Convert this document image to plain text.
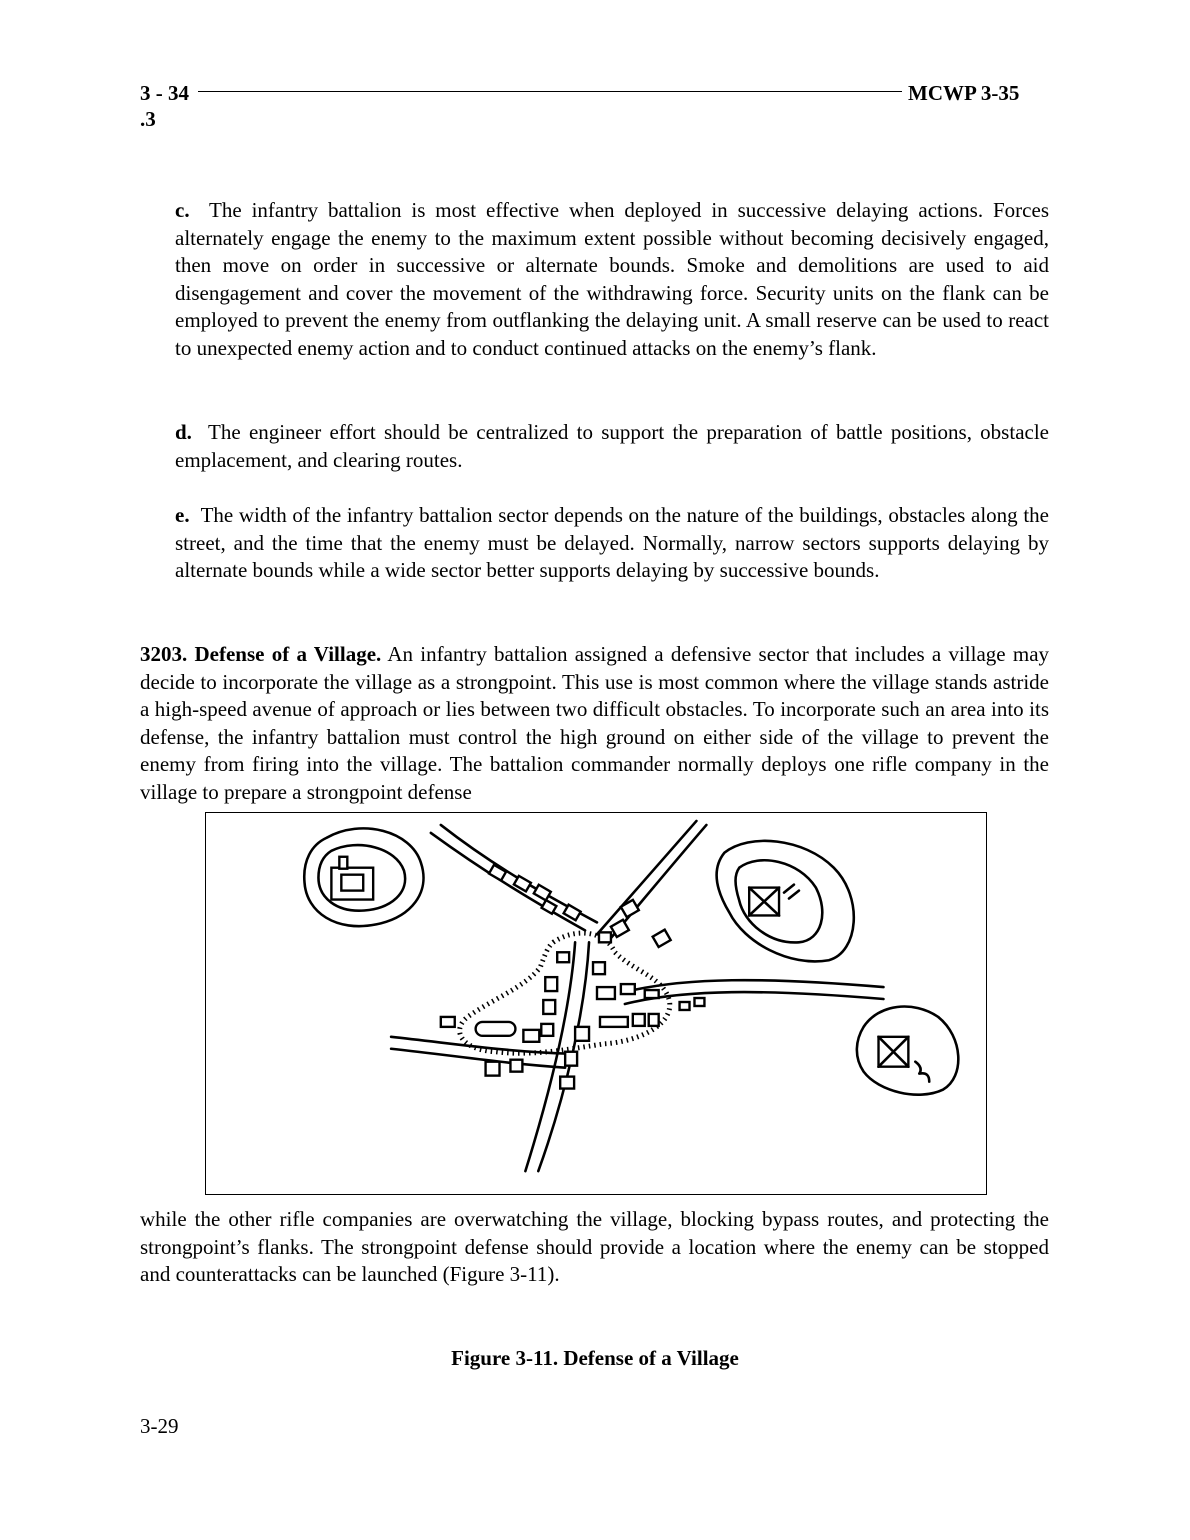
3 - 34
.3
MCWP 3-35

c. The infantry battalion is most effective when deployed in successive delaying actions. Forces alternately engage the enemy to the maximum extent possible without becoming decisively engaged, then move on order in successive or alternate bounds. Smoke and demolitions are used to aid disengagement and cover the movement of the withdrawing force. Security units on the flank can be employed to prevent the enemy from outflanking the delaying unit. A small reserve can be used to react to unexpected enemy action and to conduct continued attacks on the enemy’s flank.

d. The engineer effort should be centralized to support the preparation of battle positions, obstacle emplacement, and clearing routes.

e. The width of the infantry battalion sector depends on the nature of the buildings, obstacles along the street, and the time that the enemy must be delayed. Normally, narrow sectors supports delaying by alternate bounds while a wide sector better supports delaying by successive bounds.

3203. Defense of a Village. An infantry battalion assigned a defensive sector that includes a village may decide to incorporate the village as a strongpoint. This use is most common where the village stands astride a high-speed avenue of approach or lies between two difficult obstacles. To incorporate such an area into its defense, the infantry battalion must control the high ground on either side of the village to prevent the enemy from firing into the village. The battalion commander normally deploys one rifle company in the village to prepare a strongpoint defense

while the other rifle companies are overwatching the village, blocking bypass routes, and protecting the strongpoint’s flanks. The strongpoint defense should provide a location where the enemy can be stopped and counterattacks can be launched (Figure 3-11).

Figure 3-11. Defense of a Village
3-29
